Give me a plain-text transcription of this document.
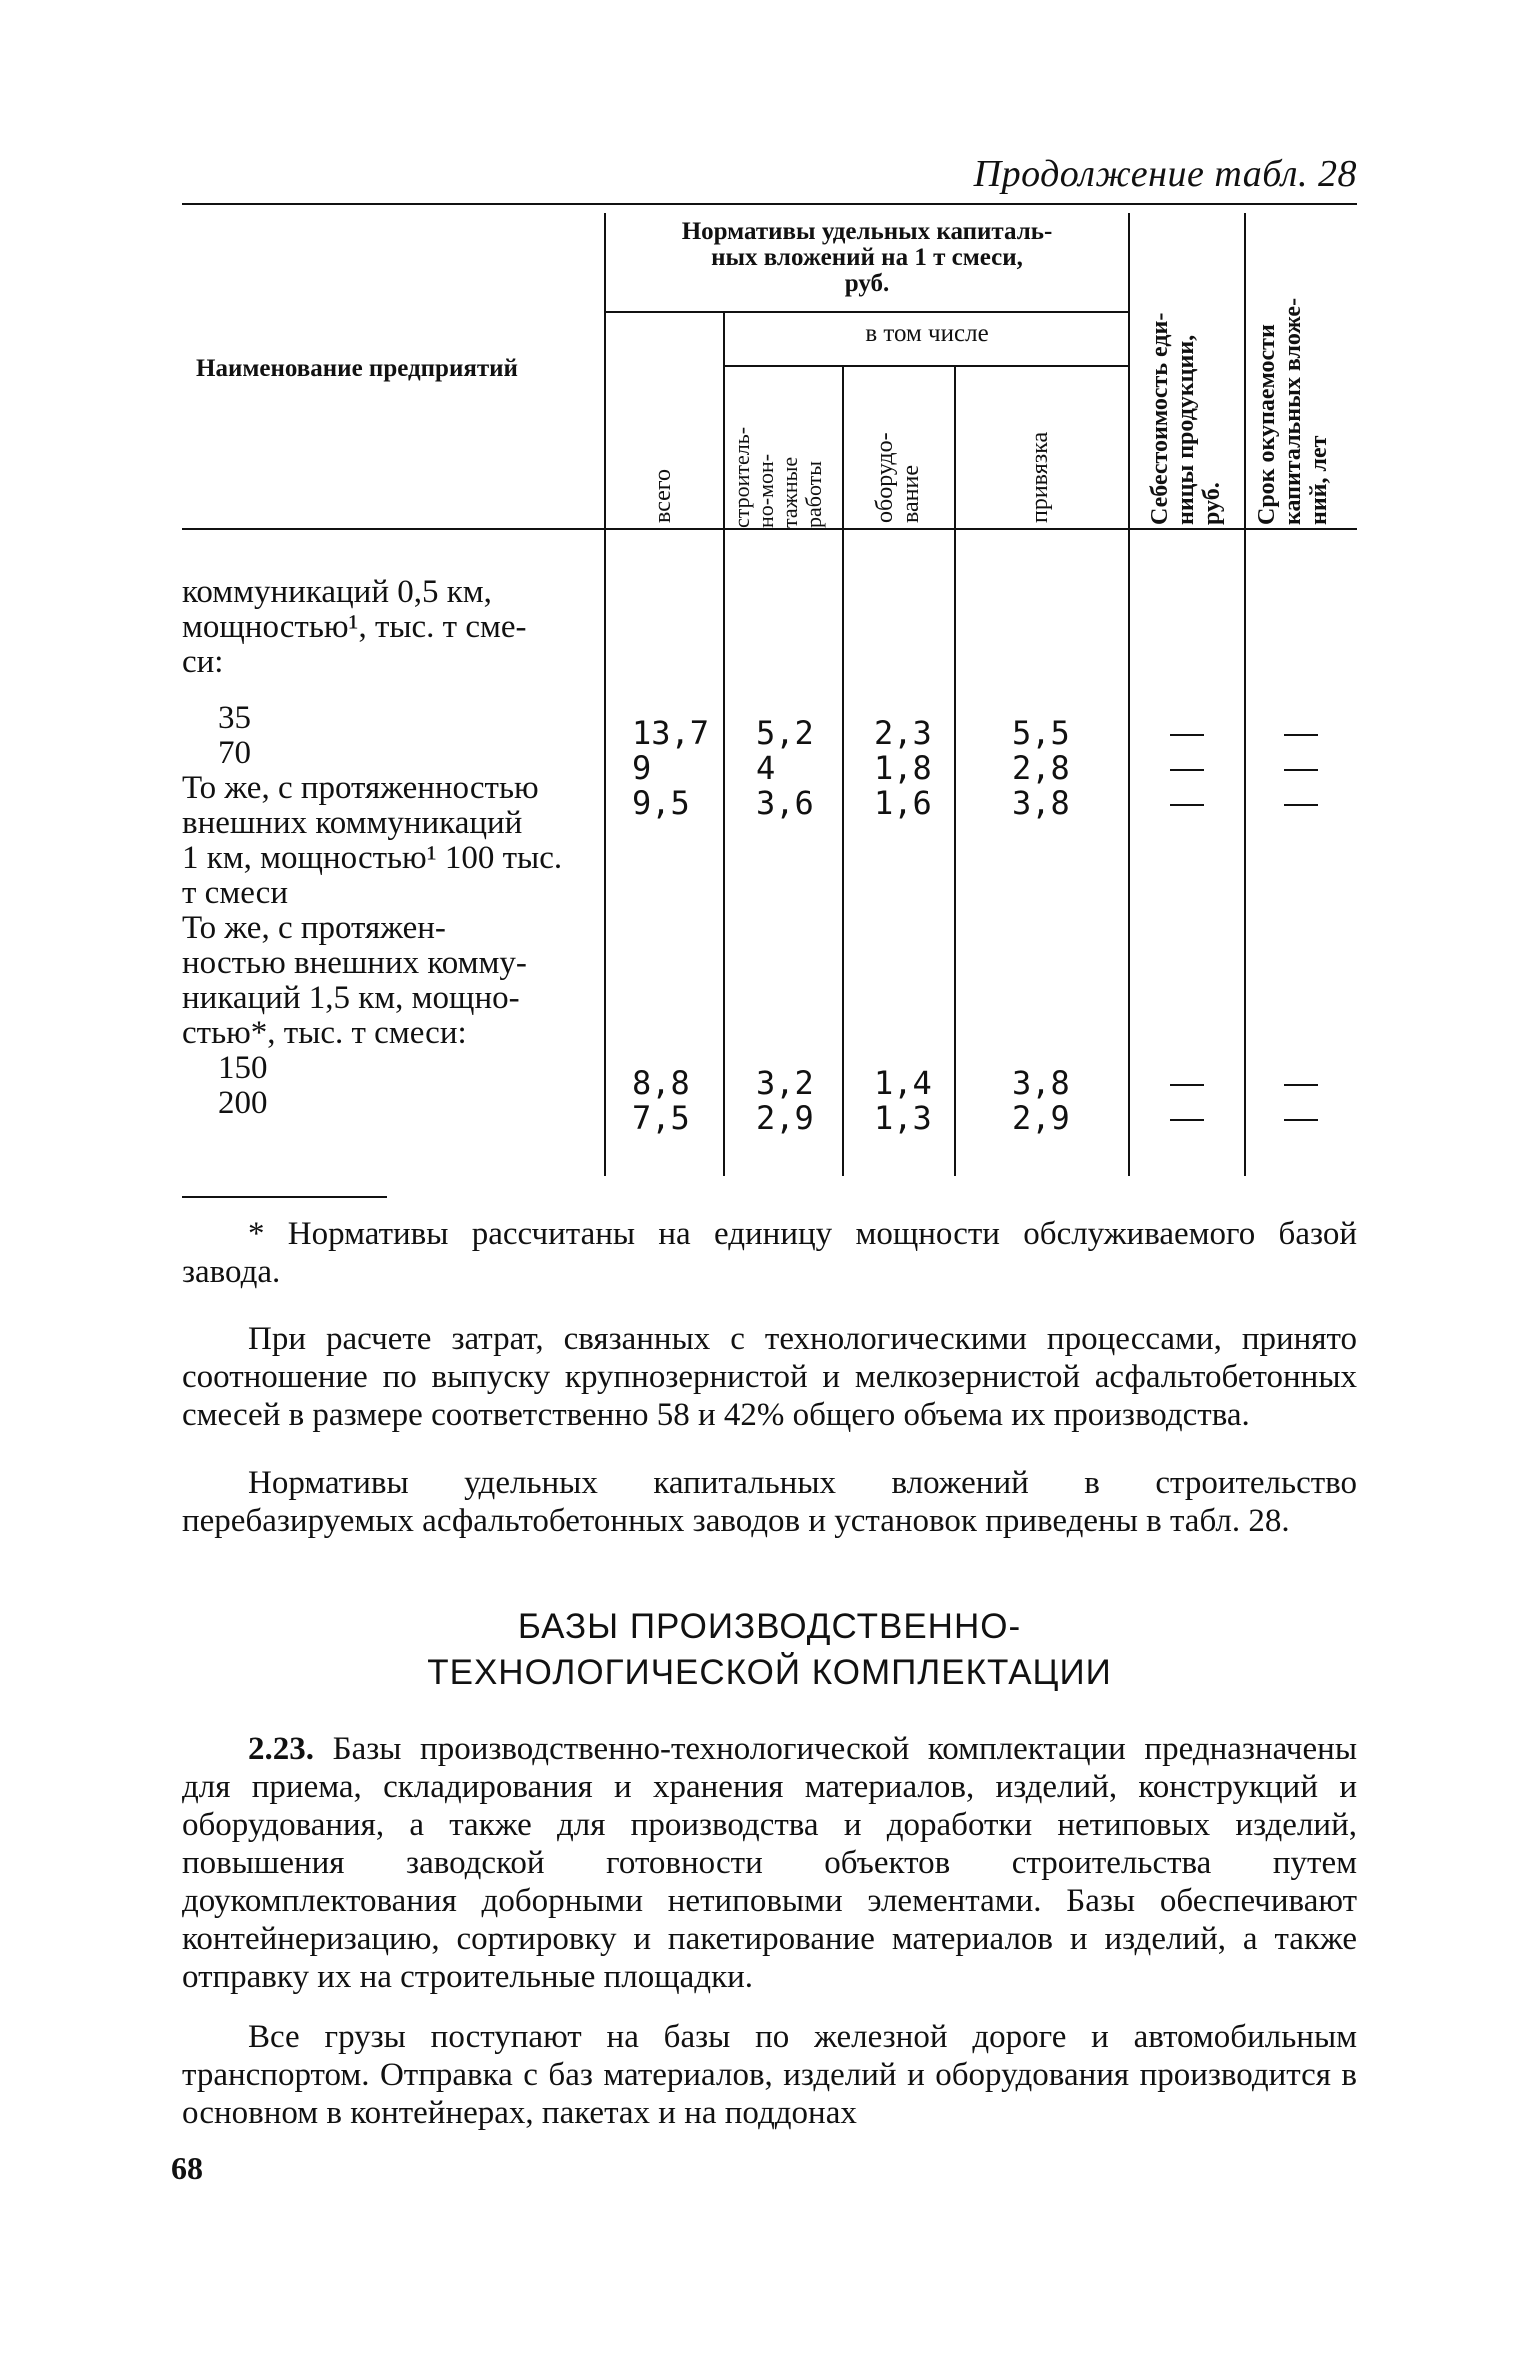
Продолжение табл. 28
Наименование предприятий
Нормативы удельных капиталь-
ных вложений на 1 т смеси,
руб.
в том числе
всего строитель- но-мон- тажные работы оборудо- вание	привязка	Себестоимость еди- ницы продукции, руб. Срок окупаемости капитальных вложе- ний, лет
коммуникаций 0,5 км,
мощностью¹, тыс. т сме-
си:
35
70
То же, с протяженностью
внешних коммуникаций
1 км, мощностью¹ 100 тыс.
т смеси
То же, с протяжен-
ностью внешних комму-
никаций 1,5 км, мощно-
стью*, тыс. т смеси:
150
200
13,7
9
9,5
5,2
4
3,6
2,3
1,8
1,6
5,5
2,8
3,8
8,8
7,5
3,2
2,9
1,4
1,3
3,8
2,9
* Нормативы рассчитаны на единицу мощности обслуживаемого базой завода.
При расчете затрат, связанных с технологическими процессами, принято соотношение по выпуску крупнозернистой и мелкозернистой асфальтобетонных смесей в размере соответственно 58 и 42% общего объема их производства.
Нормативы удельных капитальных вложений в строительство перебазируемых асфальтобетонных заводов и установок приведены в табл. 28.
БАЗЫ ПРОИЗВОДСТВЕННО-
ТЕХНОЛОГИЧЕСКОЙ КОМПЛЕКТАЦИИ
2.23. Базы производственно-технологической комплектации предназначены для приема, складирования и хранения материалов, изделий, конструкций и оборудования, а также для производства и доработки нетиповых изделий, повышения заводской готовности объектов строительства путем доукомплектования доборными нетиповыми элементами. Базы обеспечивают контейнеризацию, сортировку и пакетирование материалов и изделий, а также отправку их на строительные площадки.
Все грузы поступают на базы по железной дороге и автомобильным транспортом. Отправка с баз материалов, изделий и оборудования производится в основном в контейнерах, пакетах и на поддонах
68
